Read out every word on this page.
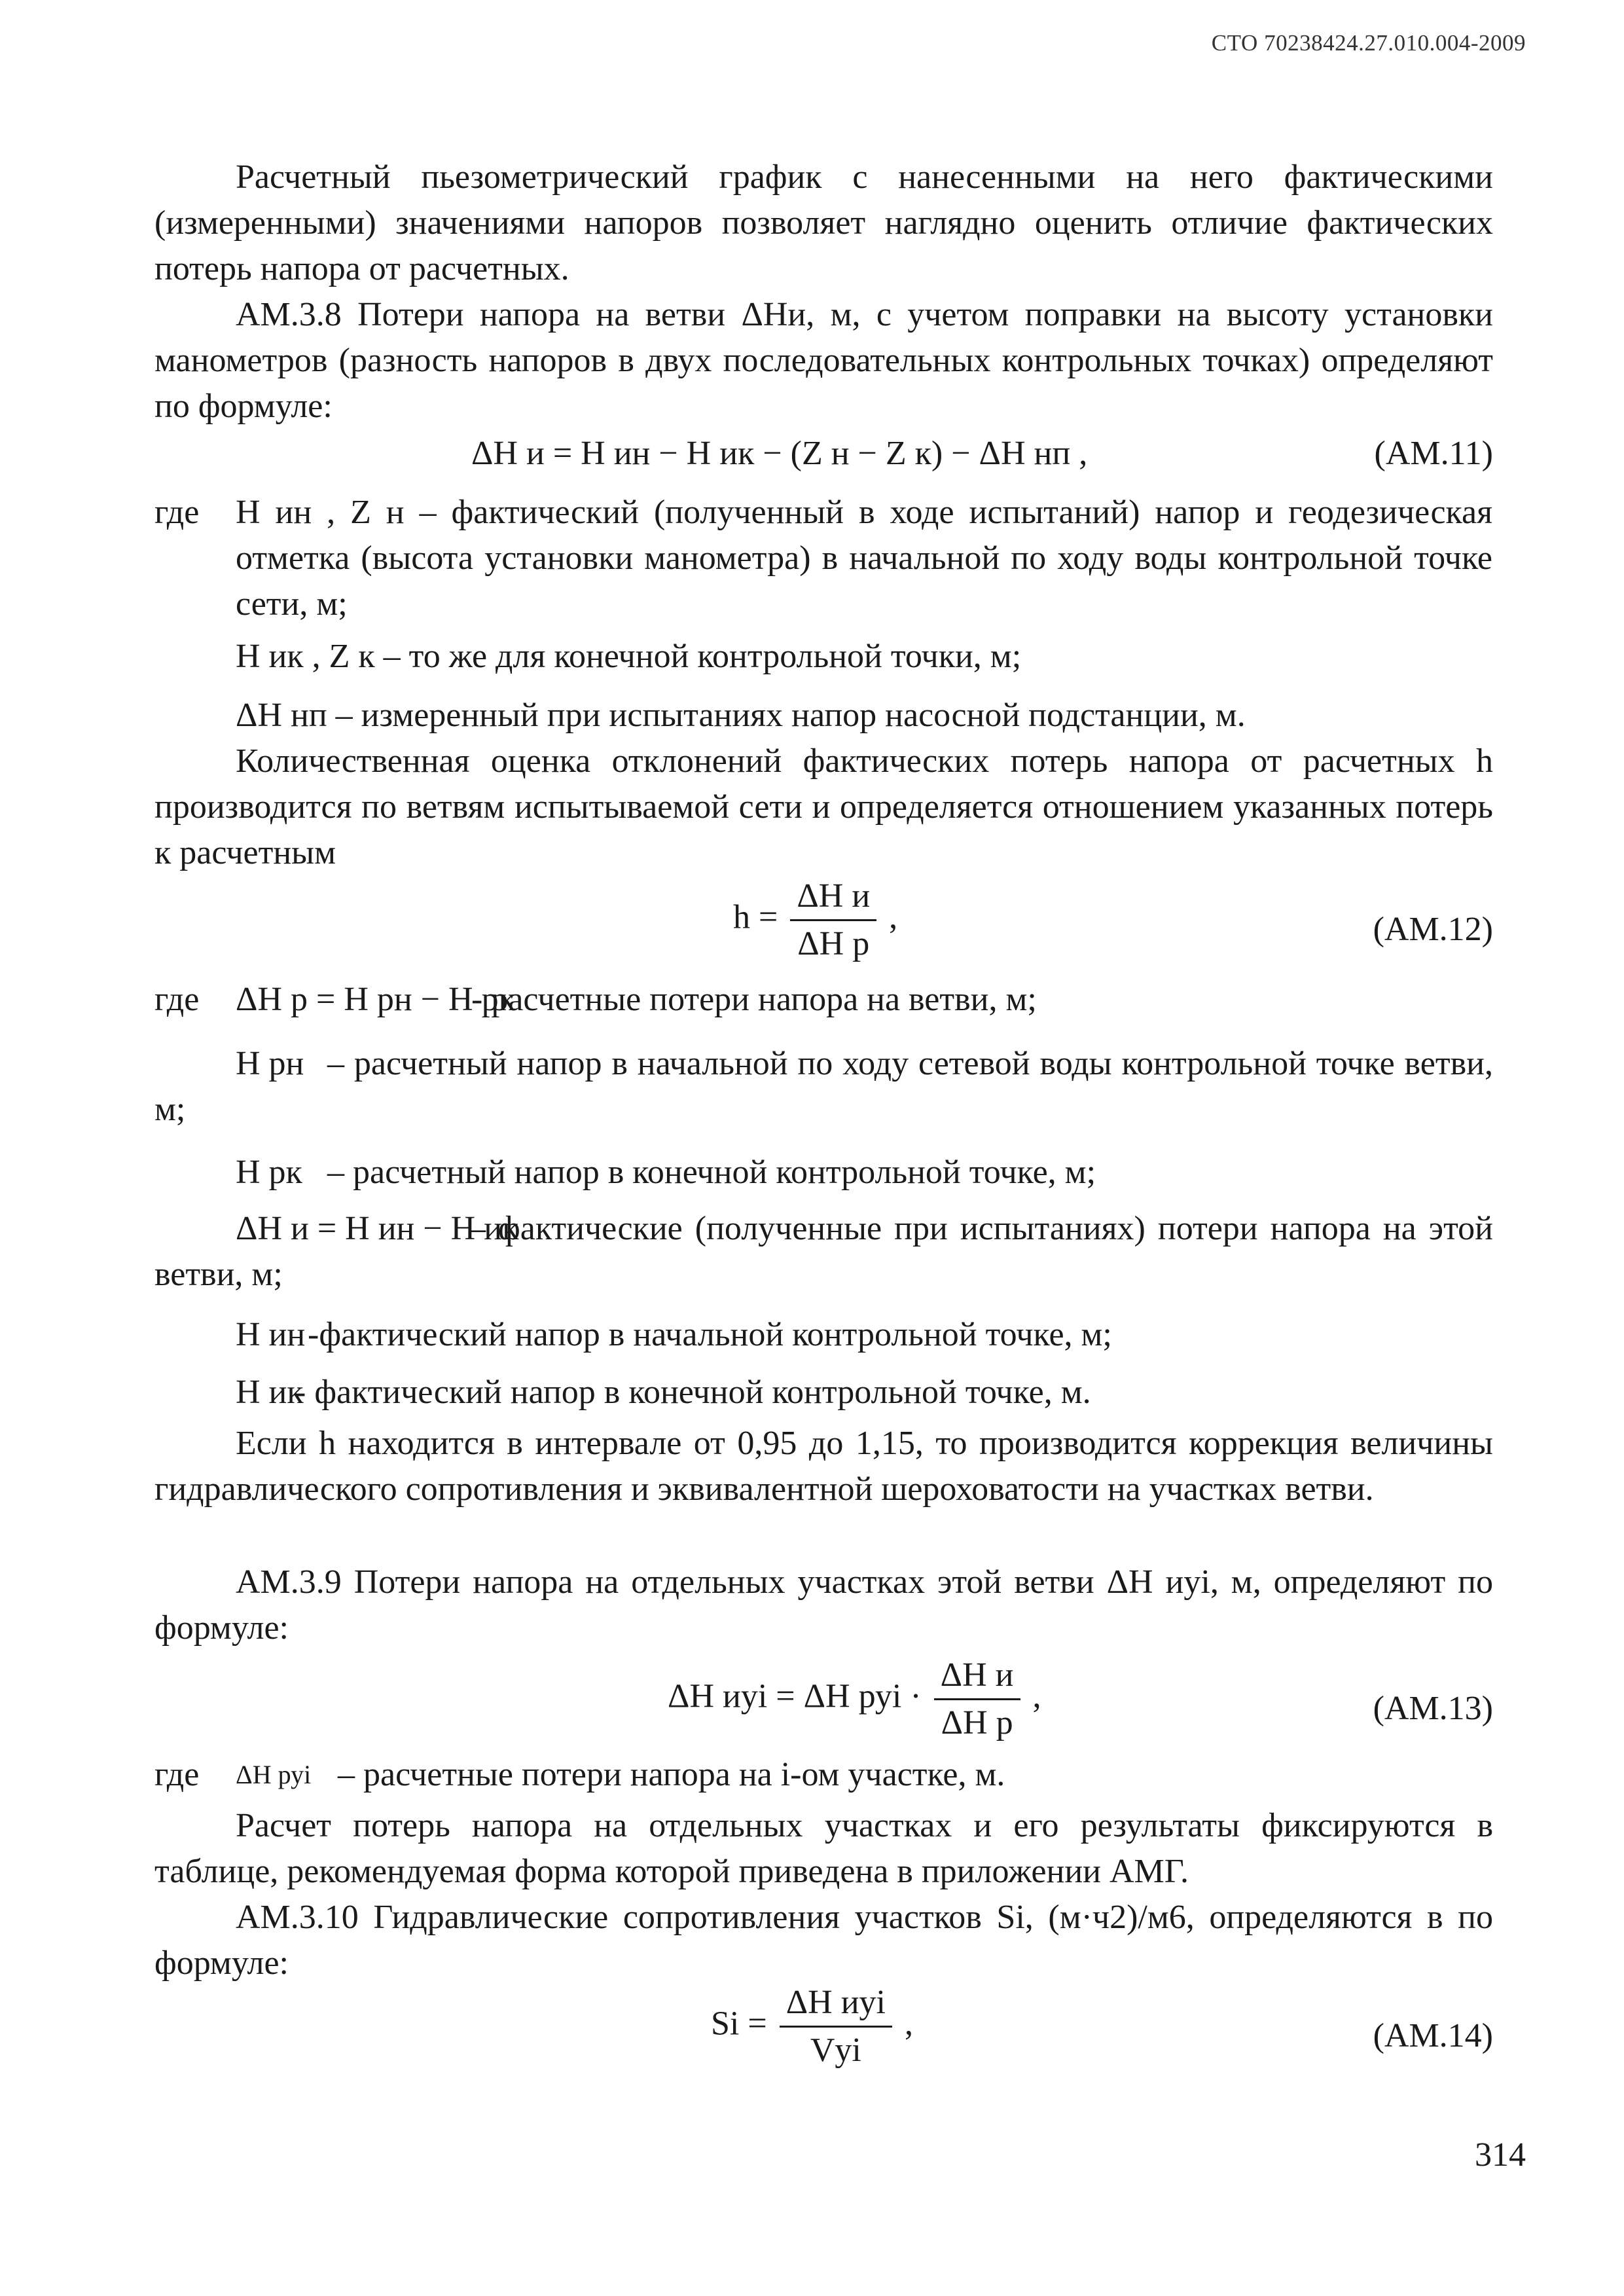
СТО 70238424.27.010.004-2009

Расчетный пьезометрический график с нанесенными на него фактическими (измеренными) значениями напоров позволяет наглядно оценить отличие фактических потерь напора от расчетных.

АМ.3.8 Потери напора на ветви ΔНи, м, с учетом поправки на высоту установки манометров (разность напоров в двух последовательных контрольных точках) определяют по формуле:

ΔН и = Н ин − Н ик − (Z н − Z к) − ΔН нп ,	(АМ.11)
где Н ин , Z н – фактический (полученный в ходе испытаний) напор и геодезическая отметка (высота установки манометра) в начальной по ходу воды контрольной точке сети, м;

Н ик , Z к – то же для конечной контрольной точки, м;
ΔН нп – измеренный при испытаниях напор насосной подстанции, м.

Количественная оценка отклонений фактических потерь напора от расчетных h производится по ветвям испытываемой сети и определяется отношением указанных потерь к расчетным

$h = \frac{\text{ΔН и}}{\text{ΔН р}}$ ,	(АМ.12)
где ΔН р = Н рн − Н рк
- расчетные потери напора на ветви, м;
Н рн – расчетный напор в начальной по ходу сетевой воды контрольной точке ветви, м;

Н рк – расчетный напор в конечной контрольной точке, м;
ΔН и = Н ин − Н ик

– фактические (полученные при испытаниях) потери напора на этой ветви, м;

Н ин -фактический напор в начальной контрольной точке, м;
Н ик
- фактический напор в конечной контрольной точке, м.

Если h находится в интервале от 0,95 до 1,15, то производится коррекция величины гидравлического сопротивления и эквивалентной шероховатости на участках ветви.

АМ.3.9 Потери напора на отдельных участках этой ветви ΔН иуi, м, определяют по формуле:

ΔН иуi = ΔН руi · $\frac{\text{ΔН и}}{\text{ΔН р}}$ ,	(АМ.13)
где ΔН руi – расчетные потери напора на i-ом участке, м.

Расчет потерь напора на отдельных участках и его результаты фиксируются в таблице, рекомендуемая форма которой приведена в приложении АМГ.

АМ.3.10 Гидравлические сопротивления участков Si, (м·ч2)/м6, определяются в по формуле:

$Si = \frac{\text{ΔН иуi}}{\text{Vуi}}$ ,	(АМ.14)
314
